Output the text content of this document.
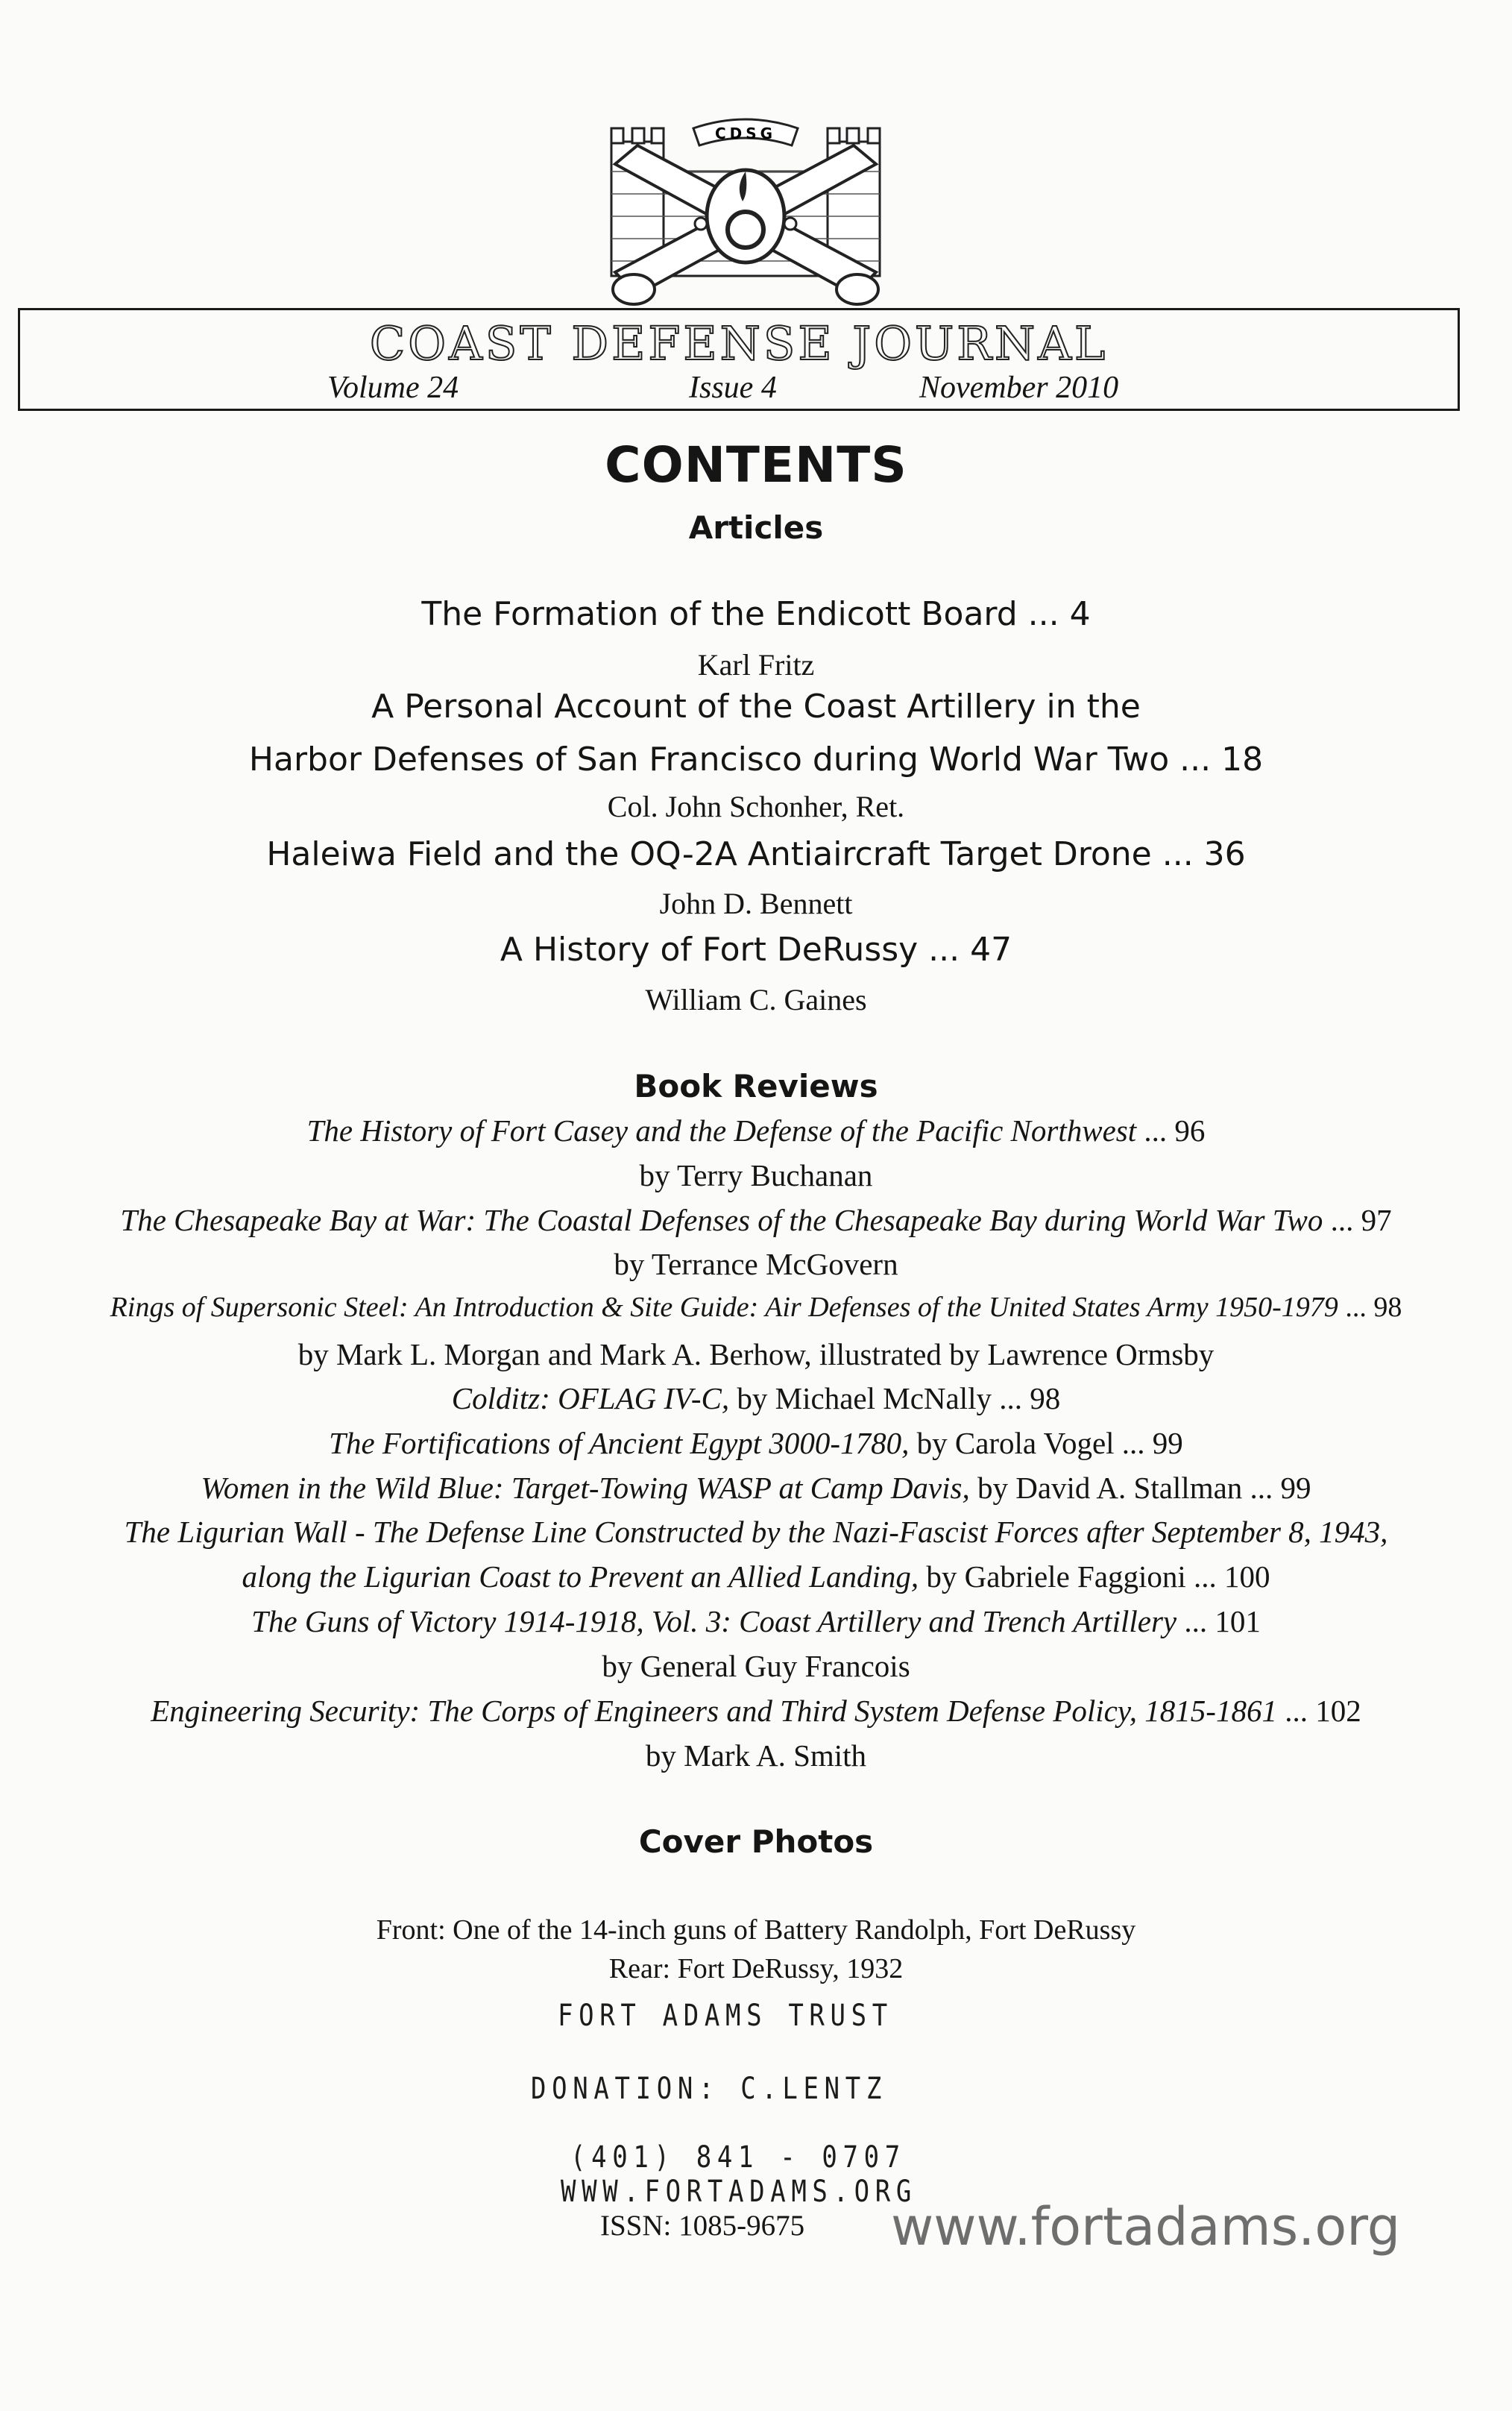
CDSG
COAST DEFENSE JOURNAL
Volume 24	Issue 4	November 2010
CONTENTS
Articles
The Formation of the Endicott Board ... 4
Karl Fritz
A Personal Account of the Coast Artillery in the
Harbor Defenses of San Francisco during World War Two ... 18
Col. John Schonher, Ret.
Haleiwa Field and the OQ-2A Antiaircraft Target Drone ... 36
John D. Bennett
A History of Fort DeRussy ... 47
William C. Gaines
Book Reviews
The History of Fort Casey and the Defense of the Pacific Northwest ... 96
by Terry Buchanan
The Chesapeake Bay at War: The Coastal Defenses of the Chesapeake Bay during World War Two ... 97
by Terrance McGovern
Rings of Supersonic Steel: An Introduction & Site Guide: Air Defenses of the United States Army 1950-1979 ... 98
by Mark L. Morgan and Mark A. Berhow, illustrated by Lawrence Ormsby
Colditz: OFLAG IV-C, by Michael McNally ... 98
The Fortifications of Ancient Egypt 3000-1780, by Carola Vogel ... 99
Women in the Wild Blue: Target-Towing WASP at Camp Davis, by David A. Stallman ... 99
The Ligurian Wall - The Defense Line Constructed by the Nazi-Fascist Forces after September 8, 1943,
along the Ligurian Coast to Prevent an Allied Landing, by Gabriele Faggioni ... 100
The Guns of Victory 1914-1918, Vol. 3: Coast Artillery and Trench Artillery ... 101
by General Guy Francois
Engineering Security: The Corps of Engineers and Third System Defense Policy, 1815-1861 ... 102
by Mark A. Smith
Cover Photos
Front: One of the 14-inch guns of Battery Randolph, Fort DeRussy
Rear: Fort DeRussy, 1932
FORT ADAMS TRUST
DONATION: C.LENTZ
(401) 841 - 0707
WWW.FORTADAMS.ORG
ISSN: 1085-9675 www.fortadams.org
